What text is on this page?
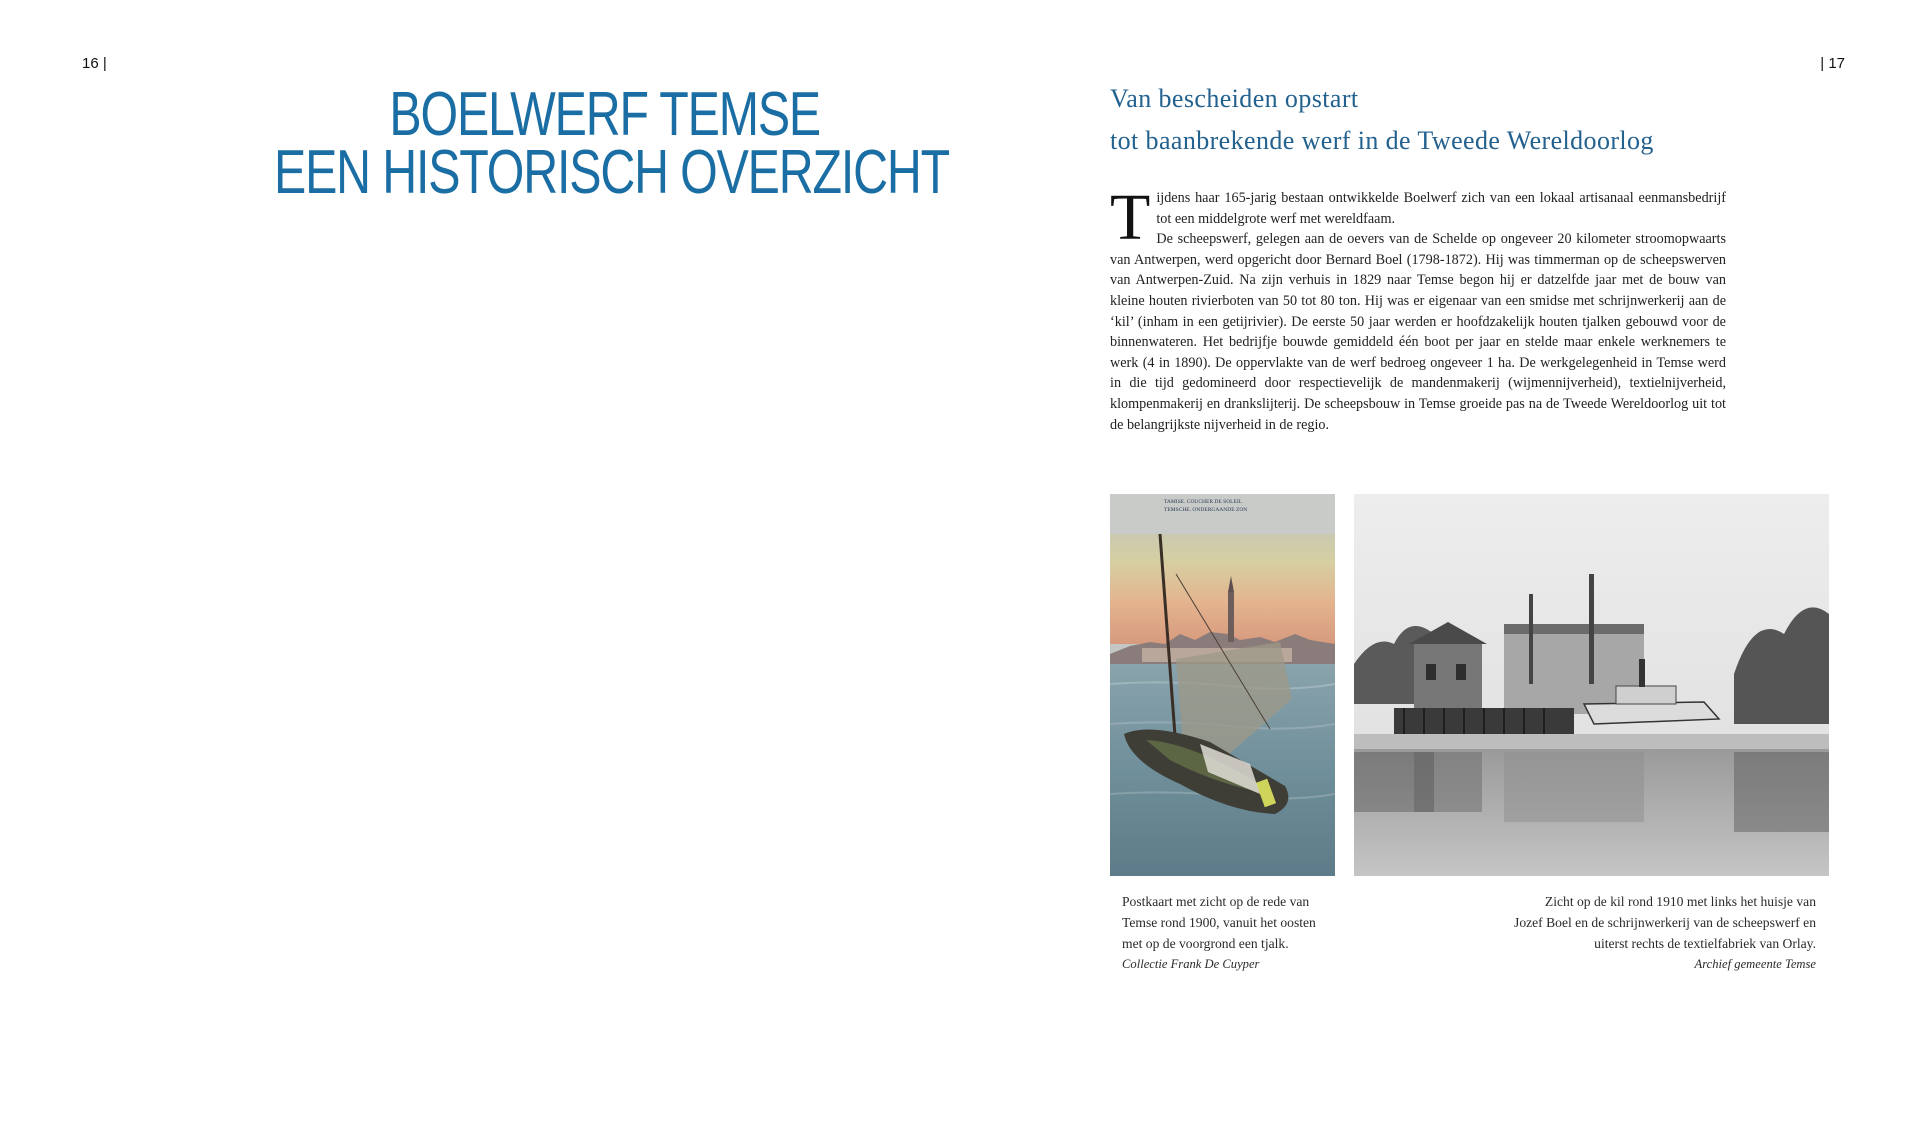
16 |	| 17
BOELWERF TEMSE
EEN HISTORISCH OVERZICHT
Van bescheiden opstart
tot baanbrekende werf in de Tweede Wereldoorlog

Tijdens haar 165-jarig bestaan ontwikkelde Boelwerf zich van een lokaal artisanaal eenmansbedrijf tot een middelgrote werf met wereldfaam.

De scheepswerf, gelegen aan de oevers van de Schelde op ongeveer 20 kilometer stroomopwaarts van Antwerpen, werd opgericht door Bernard Boel (1798-1872). Hij was timmerman op de scheepswerven van Antwerpen-Zuid. Na zijn verhuis in 1829 naar Temse begon hij er datzelfde jaar met de bouw van kleine houten rivierboten van 50 tot 80 ton. Hij was er eigenaar van een smidse met schrijnwerkerij aan de ‘kil’ (inham in een getijrivier). De eerste 50 jaar werden er hoofdzakelijk houten tjalken gebouwd voor de binnenwateren. Het bedrijfje bouwde gemiddeld één boot per jaar en stelde maar enkele werknemers te werk (4 in 1890). De oppervlakte van de werf bedroeg ongeveer 1 ha. De werkgelegenheid in Temse werd in die tijd gedomineerd door respectievelijk de mandenmakerij (wijmennijverheid), textielnijverheid, klompenmakerij en drankslijterij. De scheepsbouw in Temse groeide pas na de Tweede Wereldoorlog uit tot de belangrijkste nijverheid in de regio.

TAMISE. COUCHER DE SOLEIL
TEMSCHE. ONDERGAANDE ZON
Postkaart met zicht op de rede van
Temse rond 1900, vanuit het oosten
met op de voorgrond een tjalk.
Collectie Frank De Cuyper
Zicht op de kil rond 1910 met links het huisje van
Jozef Boel en de schrijnwerkerij van de scheepswerf en
uiterst rechts de textielfabriek van Orlay.
Archief gemeente Temse
